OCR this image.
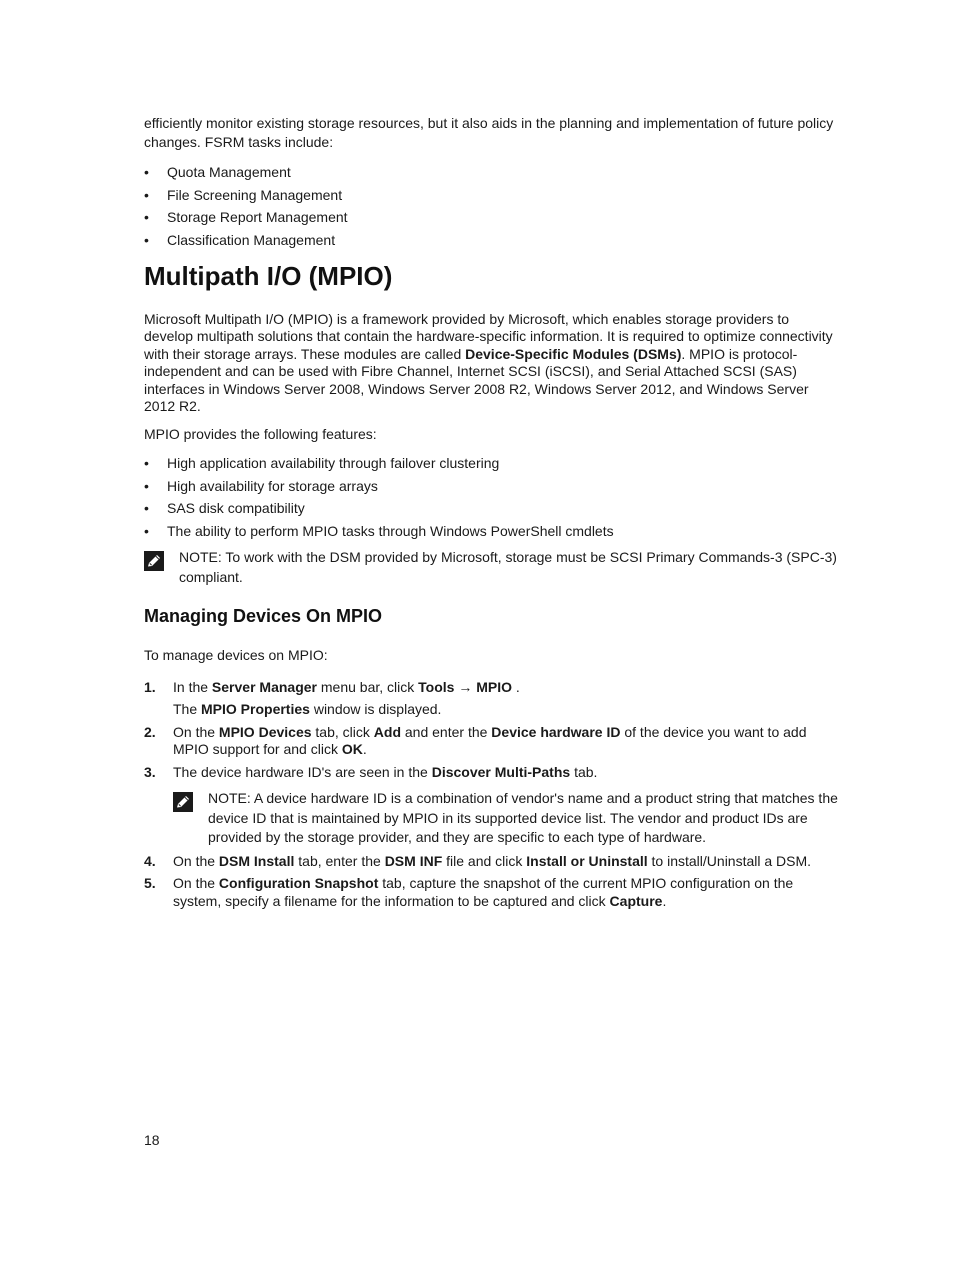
efficiently monitor existing storage resources, but it also aids in the planning and implementation of future policy changes. FSRM tasks include:

• Quota Management
• File Screening Management
• Storage Report Management
• Classification Management
Multipath I/O (MPIO)

Microsoft Multipath I/O (MPIO) is a framework provided by Microsoft, which enables storage providers to develop multipath solutions that contain the hardware-specific information. It is required to optimize connectivity with their storage arrays. These modules are called Device-Specific Modules (DSMs). MPIO is protocol-independent and can be used with Fibre Channel, Internet SCSI (iSCSI), and Serial Attached SCSI (SAS) interfaces in Windows Server 2008, Windows Server 2008 R2, Windows Server 2012, and Windows Server 2012 R2.

MPIO provides the following features:

• High application availability through failover clustering
• High availability for storage arrays
• SAS disk compatibility
• The ability to perform MPIO tasks through Windows PowerShell cmdlets
NOTE: To work with the DSM provided by Microsoft, storage must be SCSI Primary Commands-3 (SPC-3) compliant.
Managing Devices On MPIO

To manage devices on MPIO:

1. In the Server Manager menu bar, click Tools → MPIO .
The MPIO Properties window is displayed.
2. On the MPIO Devices tab, click Add and enter the Device hardware ID of the device you want to add MPIO support for and click OK.
3. The device hardware ID's are seen in the Discover Multi-Paths tab.
NOTE: A device hardware ID is a combination of vendor's name and a product string that matches the device ID that is maintained by MPIO in its supported device list. The vendor and product IDs are provided by the storage provider, and they are specific to each type of hardware.
4. On the DSM Install tab, enter the DSM INF file and click Install or Uninstall to install/Uninstall a DSM.
5. On the Configuration Snapshot tab, capture the snapshot of the current MPIO configuration on the system, specify a filename for the information to be captured and click Capture.
18
